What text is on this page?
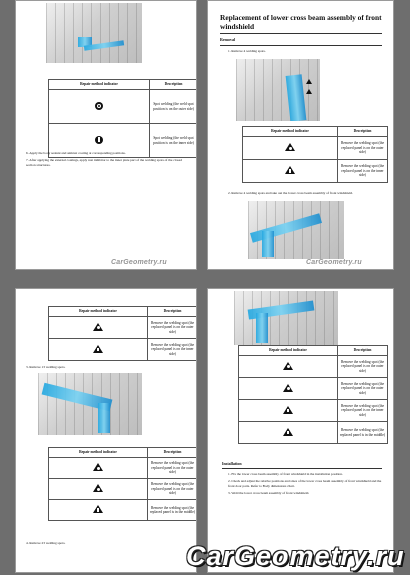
Repair method indicator	Description
	Spot welding (the weld spot position is on the outer side)
	Spot welding (the weld spot position is on the inner side)
6. Apply the body sealant and antirust coating at corresponding positions.
7. After applying the external coatings, apply rust inhibitor to the inner plate part of the welding spots of the closed section structures.
CarGeometry.ru
Replacement of lower cross beam assembly of front windshield
Removal
1. Remove 4 welding spots.
Repair method indicator	Description
	Remove the welding spot (the replaced panel is on the outer side)
	Remove the welding spot (the replaced panel is on the inner side)
2. Remove 4 welding spots and take out the lower cross beam assembly of front windshield.
CarGeometry.ru
Repair method indicator	Description
	Remove the welding spot (the replaced panel is on the outer side)
	Remove the welding spot (the replaced panel is on the inner side)
3. Remove 13 welding spots.
Repair method indicator	Description
	Remove the welding spot (the replaced panel is on the outer side)
	Remove the welding spot (the replaced panel is on the outer side)
	Remove the welding spot (the replaced panel is in the middle)
4. Remove 23 welding spots.
Repair method indicator	Description
	Remove the welding spot (the replaced panel is on the outer side)
	Remove the welding spot (the replaced panel is on the outer side)
	Remove the welding spot (the replaced panel is on the inner side)
	Remove the welding spot (the replaced panel is in the middle)
Installation
1. Fix the lower cross beam assembly of front windshield in the installation position.
2. Check and adjust the relative positions and sizes of the lower cross beam assembly of front windshield and the front door parts. Refer to Body dimensions chart.
3. Weld the lower cross beam assembly of front windshield.
CarGeometry.ru
